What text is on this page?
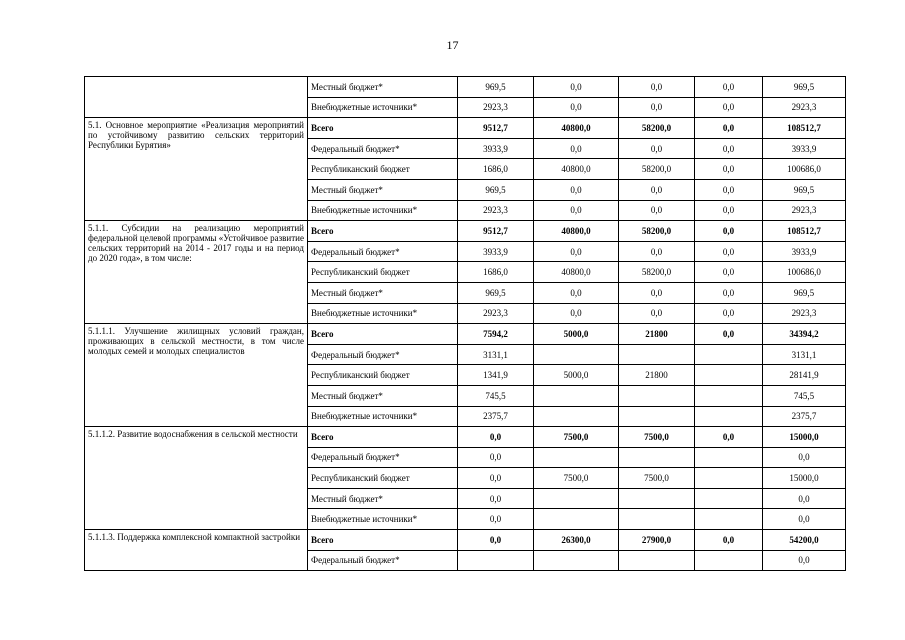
17
	Местный бюджет*	969,5	0,0	0,0	0,0	969,5
	Внебюджетные источники*	2923,3	0,0	0,0	0,0	2923,3
5.1. Основное мероприятие «Реализация мероприятий по устойчивому развитию сельских территорий Республики Бурятия»	Всего	9512,7	40800,0	58200,0	0,0	108512,7
	Федеральный бюджет*	3933,9	0,0	0,0	0,0	3933,9
	Республиканский бюджет	1686,0	40800,0	58200,0	0,0	100686,0
	Местный бюджет*	969,5	0,0	0,0	0,0	969,5
	Внебюджетные источники*	2923,3	0,0	0,0	0,0	2923,3
5.1.1. Субсидии на реализацию мероприятий федеральной целевой программы «Устойчивое развитие сельских территорий на 2014 - 2017 годы и на период до 2020 года», в том числе:	Всего	9512,7	40800,0	58200,0	0,0	108512,7
	Федеральный бюджет*	3933,9	0,0	0,0	0,0	3933,9
	Республиканский бюджет	1686,0	40800,0	58200,0	0,0	100686,0
	Местный бюджет*	969,5	0,0	0,0	0,0	969,5
	Внебюджетные источники*	2923,3	0,0	0,0	0,0	2923,3
5.1.1.1. Улучшение жилищных условий граждан, проживающих в сельской местности, в том числе молодых семей и молодых специалистов	Всего	7594,2	5000,0	21800	0,0	34394,2
	Федеральный бюджет*	3131,1				3131,1
	Республиканский бюджет	1341,9	5000,0	21800		28141,9
	Местный бюджет*	745,5				745,5
	Внебюджетные источники*	2375,7				2375,7
5.1.1.2. Развитие водоснабжения в сельской местности	Всего	0,0	7500,0	7500,0	0,0	15000,0
	Федеральный бюджет*	0,0				0,0
	Республиканский бюджет	0,0	7500,0	7500,0		15000,0
	Местный бюджет*	0,0				0,0
	Внебюджетные источники*	0,0				0,0
5.1.1.3. Поддержка комплексной компактной застройки	Всего	0,0	26300,0	27900,0	0,0	54200,0
	Федеральный бюджет*					0,0
